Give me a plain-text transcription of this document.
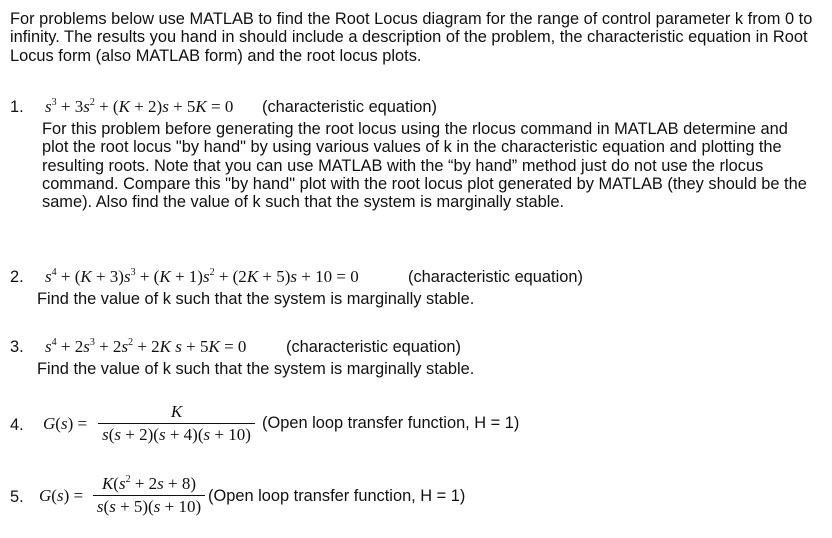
For problems below use MATLAB to find the Root Locus diagram for the range of control parameter k from 0 to infinity. The results you hand in should include a description of the problem, the characteristic equation in Root Locus form (also MATLAB form) and the root locus plots.
1. $s^3 + 3s^2 + (K + 2)s + 5K = 0$ (characteristic equation)
For this problem before generating the root locus using the rlocus command in MATLAB determine and plot the root locus "by hand" by using various values of k in the characteristic equation and plotting the resulting roots. Note that you can use MATLAB with the “by hand” method just do not use the rlocus command. Compare this "by hand" plot with the root locus plot generated by MATLAB (they should be the same). Also find the value of k such that the system is marginally stable.
2. $s^4 + (K + 3)s^3 + (K + 1)s^2 + (2K + 5)s + 10 = 0$	(characteristic equation)
Find the value of k such that the system is marginally stable.
3. $s^4 + 2s^3 + 2s^2 + 2K$ s + 5K = 0 (characteristic equation)
Find the value of k such that the system is marginally stable.
4. G(s) =
K
s(s + 2)(s + 4)(s + 10)
(Open loop transfer function, H = 1)
5. G(s) =
$K(s^2 + 2s + 8)$
s(s + 5)(s + 10)
(Open loop transfer function, H = 1)
